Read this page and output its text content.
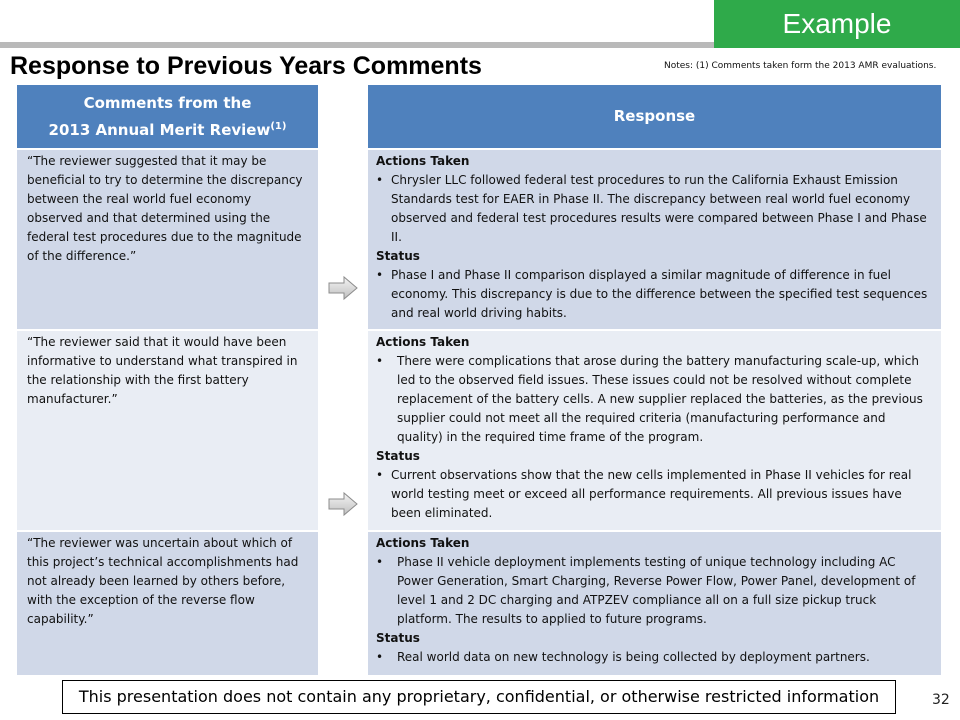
Example
Response to Previous Years Comments	Notes: (1) Comments taken form the 2013 AMR evaluations.
Comments from the
2013 Annual Merit Review$^{(1)}$
Response
“The reviewer suggested that it may be beneficial to try to determine the discrepancy between the real world fuel economy observed and that determined using the federal test procedures due to the magnitude of the difference.”
Actions Taken
• Chrysler LLC followed federal test procedures to run the California Exhaust Emission Standards test for EAER in Phase II. The discrepancy between real world fuel economy observed and federal test procedures results were compared between Phase I and Phase II.
Status
• Phase I and Phase II comparison displayed a similar magnitude of difference in fuel economy. This discrepancy is due to the difference between the specified test sequences and real world driving habits.
“The reviewer said that it would have been informative to understand what transpired in the relationship with the first battery manufacturer.”
Actions Taken
• There were complications that arose during the battery manufacturing scale-up, which led to the observed field issues. These issues could not be resolved without complete replacement of the battery cells. A new supplier replaced the batteries, as the previous supplier could not meet all the required criteria (manufacturing performance and quality) in the required time frame of the program.
Status
• Current observations show that the new cells implemented in Phase II vehicles for real world testing meet or exceed all performance requirements. All previous issues have been eliminated.
“The reviewer was uncertain about which of this project’s technical accomplishments had not already been learned by others before, with the exception of the reverse flow capability.”
Actions Taken
• Phase II vehicle deployment implements testing of unique technology including AC Power Generation, Smart Charging, Reverse Power Flow, Power Panel, development of level 1 and 2 DC charging and ATPZEV compliance all on a full size pickup truck platform. The results to applied to future programs.
Status
• Real world data on new technology is being collected by deployment partners.
This presentation does not contain any proprietary, confidential, or otherwise restricted information	32
